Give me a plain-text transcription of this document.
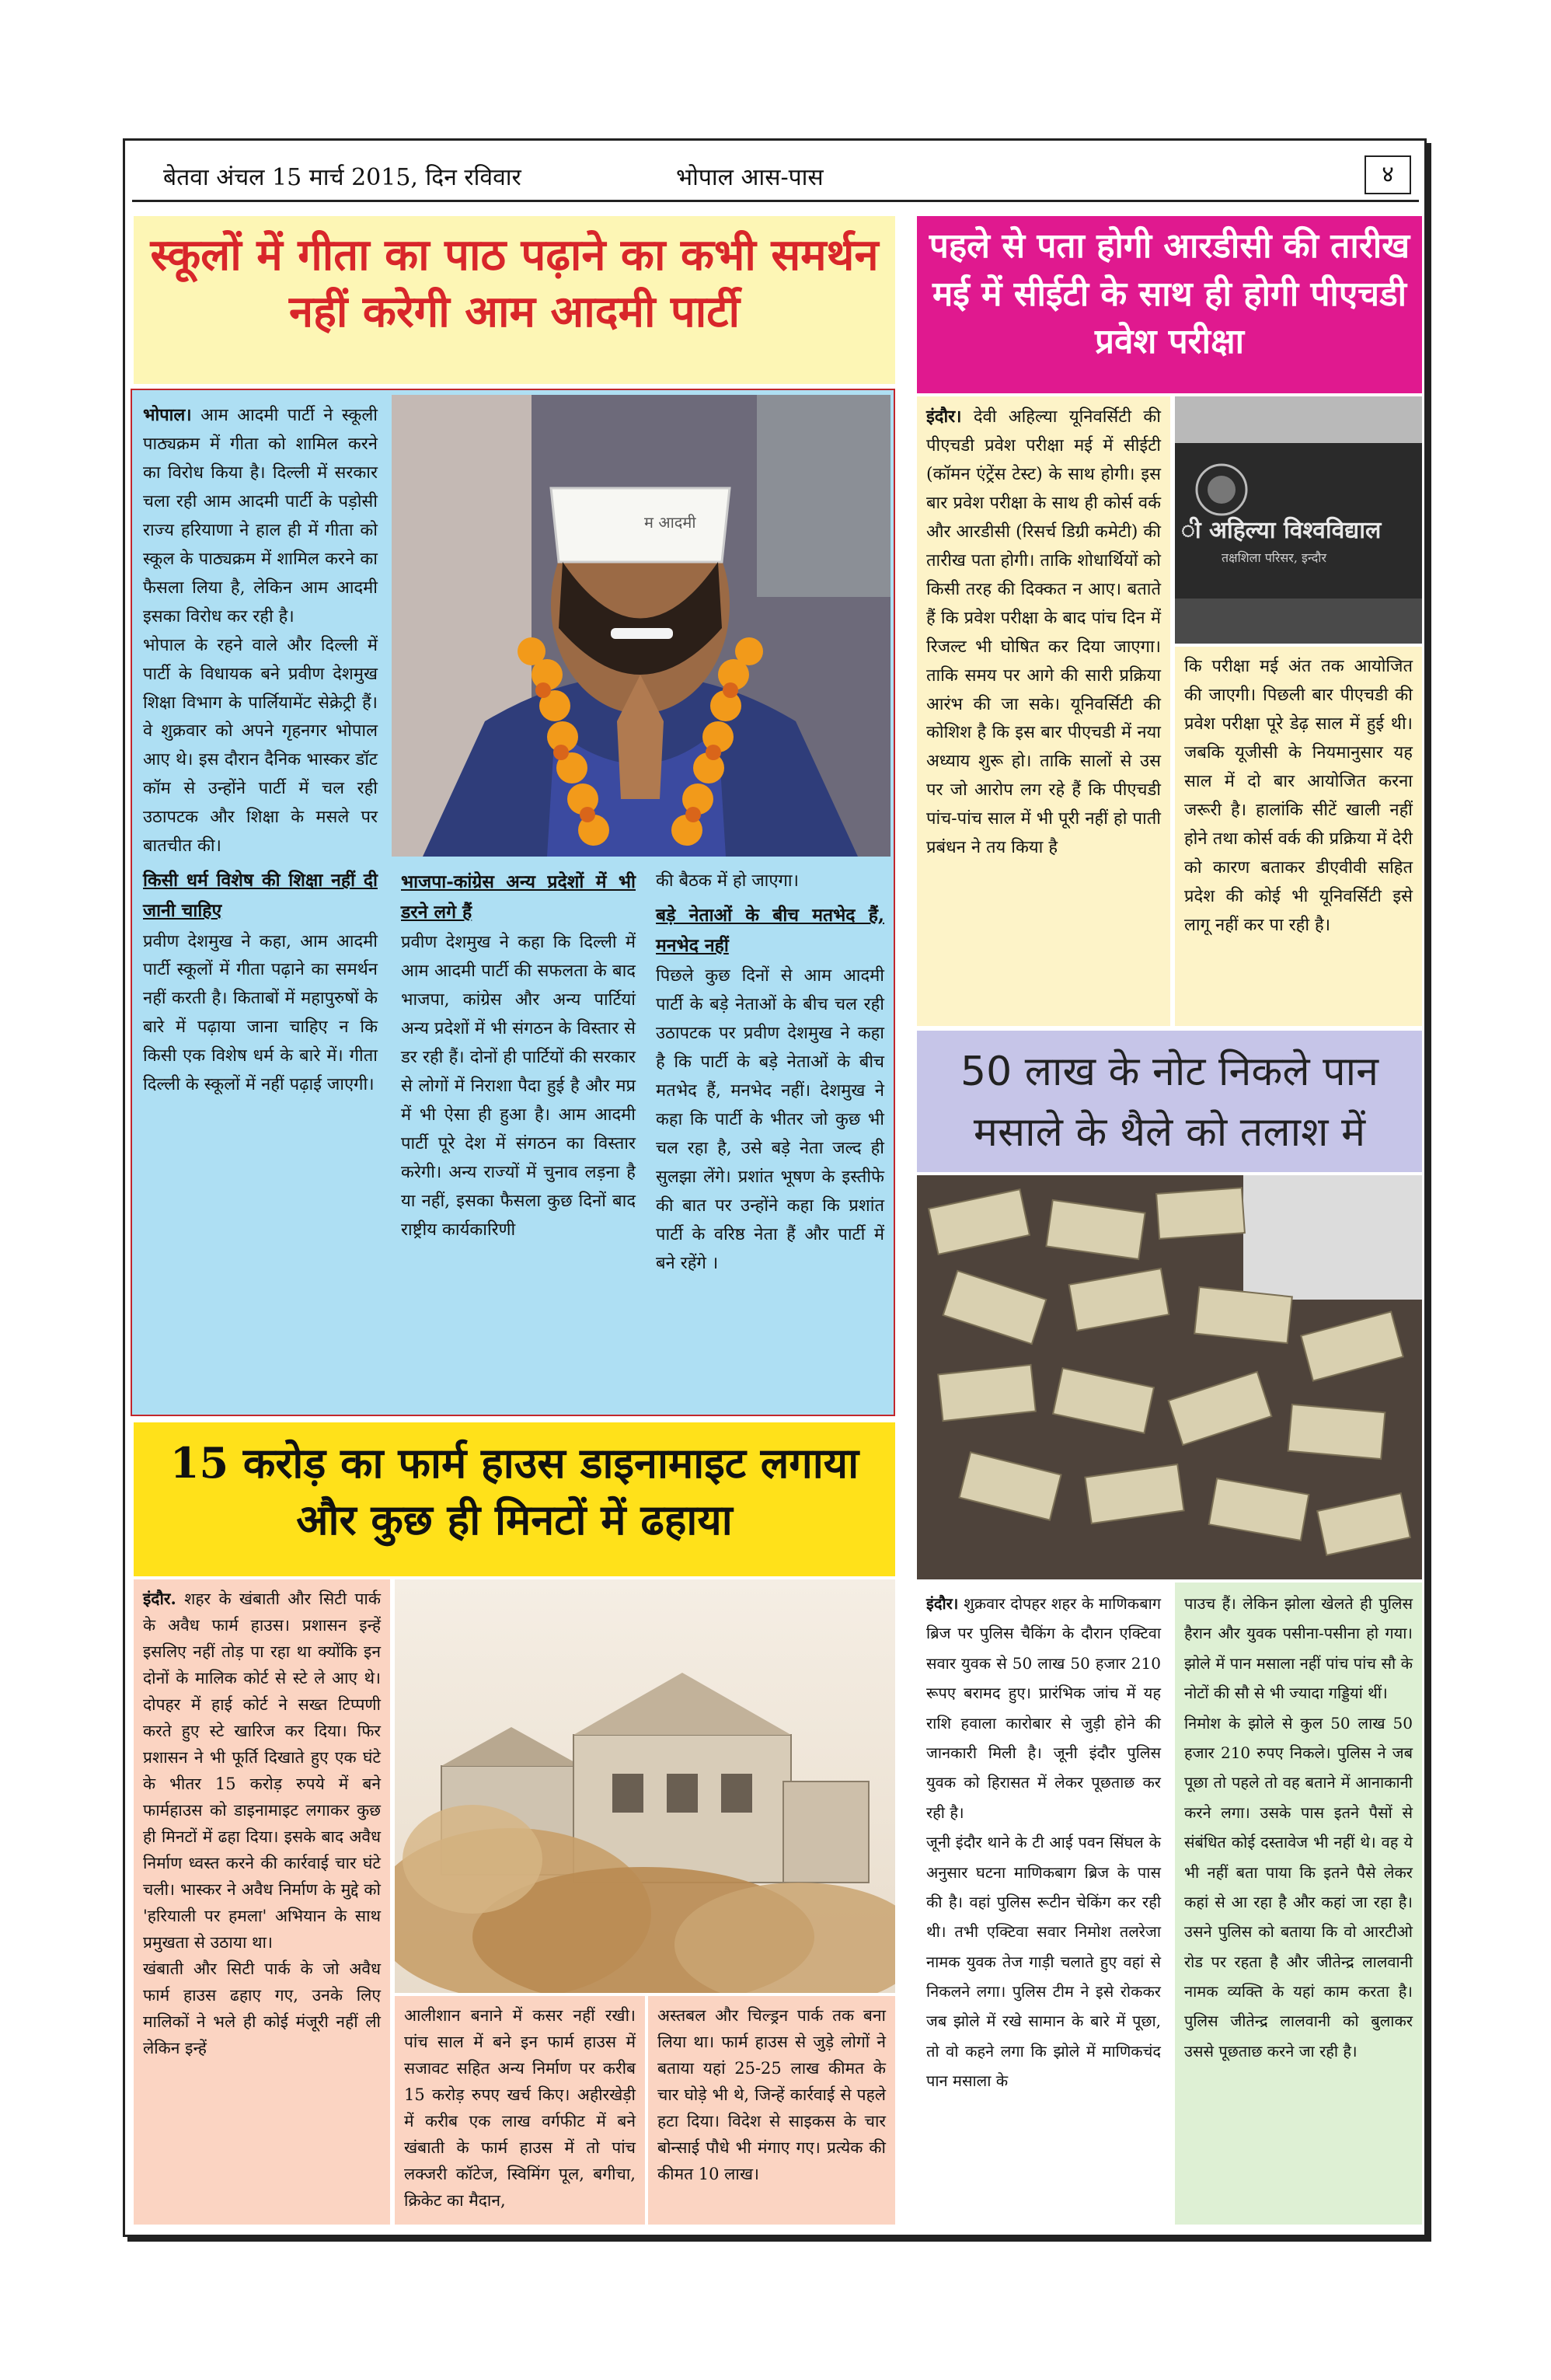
बेतवा अंचल 15 मार्च 2015, दिन रविवार	भोपाल आस-पास	४
स्कूलों में गीता का पाठ पढ़ाने का कभी समर्थन नहीं करेगी आम आदमी पार्टी

भोपाल। आम आदमी पार्टी ने स्कूली पाठ्यक्रम में गीता को शामिल करने का विरोध किया है। दिल्ली में सरकार चला रही आम आदमी पार्टी के पड़ोसी राज्य हरियाणा ने हाल ही में गीता को स्कूल के पाठ्यक्रम में शामिल करने का फैसला लिया है, लेकिन आम आदमी इसका विरोध कर रही है।

भोपाल के रहने वाले और दिल्ली में पार्टी के विधायक बने प्रवीण देशमुख शिक्षा विभाग के पार्लियामेंट सेक्रेट्री हैं। वे शुक्रवार को अपने गृहनगर भोपाल आए थे। इस दौरान दैनिक भास्कर डॉट कॉम से उन्होंने पार्टी में चल रही उठापटक और शिक्षा के मसले पर बातचीत की।

किसी धर्म विशेष की शिक्षा नहीं दी जानी चाहिए

प्रवीण देशमुख ने कहा, आम आदमी पार्टी स्कूलों में गीता पढ़ाने का समर्थन नहीं करती है। किताबों में महापुरुषों के बारे में पढ़ाया जाना चाहिए न कि किसी एक विशेष धर्म के बारे में। गीता दिल्ली के स्कूलों में नहीं पढ़ाई जाएगी।

म आदमी
भाजपा-कांग्रेस अन्य प्रदेशों में भी डरने लगे हैं

प्रवीण देशमुख ने कहा कि दिल्ली में आम आदमी पार्टी की सफलता के बाद भाजपा, कांग्रेस और अन्य पार्टियां अन्य प्रदेशों में भी संगठन के विस्तार से डर रही हैं। दोनों ही पार्टियों की सरकार से लोगों में निराशा पैदा हुई है और मप्र में भी ऐसा ही हुआ है। आम आदमी पार्टी पूरे देश में संगठन का विस्तार करेगी। अन्य राज्यों में चुनाव लड़ना है या नहीं, इसका फैसला कुछ दिनों बाद राष्ट्रीय कार्यकारिणी

की बैठक में हो जाएगा।

बड़े नेताओं के बीच मतभेद हैं, मनभेद नहीं

पिछले कुछ दिनों से आम आदमी पार्टी के बड़े नेताओं के बीच चल रही उठापटक पर प्रवीण देशमुख ने कहा है कि पार्टी के बड़े नेताओं के बीच मतभेद हैं, मनभेद नहीं। देशमुख ने कहा कि पार्टी के भीतर जो कुछ भी चल रहा है, उसे बड़े नेता जल्द ही सुलझा लेंगे। प्रशांत भूषण के इस्तीफे की बात पर उन्होंने कहा कि प्रशांत पार्टी के वरिष्ठ नेता हैं और पार्टी में बने रहेंगे ।

पहले से पता होगी आरडीसी की तारीख मई में सीईटी के साथ ही होगी पीएचडी प्रवेश परीक्षा

इंदौर। देवी अहिल्या यूनिवर्सिटी की पीएचडी प्रवेश परीक्षा मई में सीईटी (कॉमन एंट्रेंस टेस्ट) के साथ होगी। इस बार प्रवेश परीक्षा के साथ ही कोर्स वर्क और आरडीसी (रिसर्च डिग्री कमेटी) की तारीख पता होगी। ताकि शोधार्थियों को किसी तरह की दिक्कत न आए। बताते हैं कि प्रवेश परीक्षा के बाद पांच दिन में रिजल्ट भी घोषित कर दिया जाएगा। ताकि समय पर आगे की सारी प्रक्रिया आरंभ की जा सके। यूनिवर्सिटी की कोशिश है कि इस बार पीएचडी में नया अध्याय शुरू हो। ताकि सालों से उस पर जो आरोप लग रहे हैं कि पीएचडी पांच-पांच साल में भी पूरी नहीं हो पाती प्रबंधन ने तय किया है

ी अहिल्या विश्वविद्याल
तक्षशिला परिसर, इन्दौर

कि परीक्षा मई अंत तक आयोजित की जाएगी। पिछली बार पीएचडी की प्रवेश परीक्षा पूरे डेढ़ साल में हुई थी। जबकि यूजीसी के नियमानुसार यह साल में दो बार आयोजित करना जरूरी है। हालांकि सीटें खाली नहीं होने तथा कोर्स वर्क की प्रक्रिया में देरी को कारण बताकर डीएवीवी सहित प्रदेश की कोई भी यूनिवर्सिटी इसे लागू नहीं कर पा रही है।

50 लाख के नोट निकले पान मसाले के थैले को तलाश में

इंदौर। शुक्रवार दोपहर शहर के माणिकबाग ब्रिज पर पुलिस चैकिंग के दौरान एक्टिवा सवार युवक से 50 लाख 50 हजार 210 रूपए बरामद हुए। प्रारंभिक जांच में यह राशि हवाला कारोबार से जुड़ी होने की जानकारी मिली है। जूनी इंदौर पुलिस युवक को हिरासत में लेकर पूछताछ कर रही है।

जूनी इंदौर थाने के टी आई पवन सिंघल के अनुसार घटना माणिकबाग ब्रिज के पास की है। वहां पुलिस रूटीन चेकिंग कर रही थी। तभी एक्टिवा सवार निमोश तलरेजा नामक युवक तेज गाड़ी चलाते हुए वहां से निकलने लगा। पुलिस टीम ने इसे रोककर जब झोले में रखे सामान के बारे में पूछा, तो वो कहने लगा कि झोले में माणिकचंद पान मसाला के

पाउच हैं। लेकिन झोला खेलते ही पुलिस हैरान और युवक पसीना-पसीना हो गया। झोले में पान मसाला नहीं पांच पांच सौ के नोटों की सौ से भी ज्यादा गड्डियां थीं।

निमोश के झोले से कुल 50 लाख 50 हजार 210 रुपए निकले। पुलिस ने जब पूछा तो पहले तो वह बताने में आनाकानी करने लगा। उसके पास इतने पैसों से संबंधित कोई दस्तावेज भी नहीं थे। वह ये भी नहीं बता पाया कि इतने पैसे लेकर कहां से आ रहा है और कहां जा रहा है। उसने पुलिस को बताया कि वो आरटीओ रोड पर रहता है और जीतेन्द्र लालवानी नामक व्यक्ति के यहां काम करता है। पुलिस जीतेन्द्र लालवानी को बुलाकर उससे पूछताछ करने जा रही है।

15 करोड़ का फार्म हाउस डाइनामाइट लगाया और कुछ ही मिनटों में ढहाया

इंदौर. शहर के खंबाती और सिटी पार्क के अवैध फार्म हाउस। प्रशासन इन्हें इसलिए नहीं तोड़ पा रहा था क्योंकि इन दोनों के मालिक कोर्ट से स्टे ले आए थे। दोपहर में हाई कोर्ट ने सख्त टिप्पणी करते हुए स्टे खारिज कर दिया। फिर प्रशासन ने भी फूर्ति दिखाते हुए एक घंटे के भीतर 15 करोड़ रुपये में बने फार्महाउस को डाइनामाइट लगाकर कुछ ही मिनटों में ढहा दिया। इसके बाद अवैध निर्माण ध्वस्त करने की कार्रवाई चार घंटे चली। भास्कर ने अवैध निर्माण के मुद्दे को 'हरियाली पर हमला' अभियान के साथ प्रमुखता से उठाया था।

खंबाती और सिटी पार्क के जो अवैध फार्म हाउस ढहाए गए, उनके लिए मालिकों ने भले ही कोई मंजूरी नहीं ली लेकिन इन्हें

आलीशान बनाने में कसर नहीं रखी। पांच साल में बने इन फार्म हाउस में सजावट सहित अन्य निर्माण पर करीब 15 करोड़ रुपए खर्च किए। अहीरखेड़ी में करीब एक लाख वर्गफीट में बने खंबाती के फार्म हाउस में तो पांच लक्जरी कॉटेज, स्विमिंग पूल, बगीचा, क्रिकेट का मैदान,

अस्तबल और चिल्ड्रन पार्क तक बना लिया था। फार्म हाउस से जुड़े लोगों ने बताया यहां 25-25 लाख कीमत के चार घोड़े भी थे, जिन्हें कार्रवाई से पहले हटा दिया। विदेश से साइकस के चार बोन्साई पौधे भी मंगाए गए। प्रत्येक की कीमत 10 लाख।
